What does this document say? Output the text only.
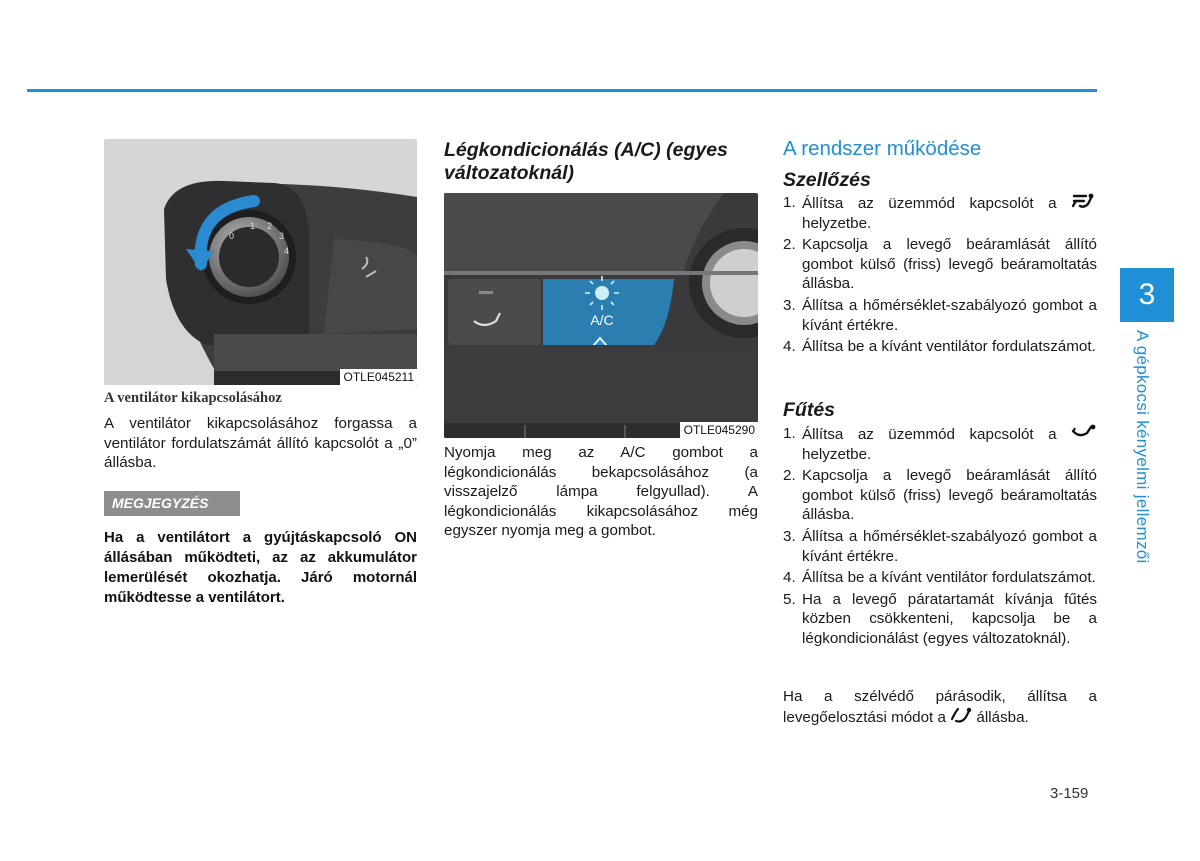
0
1 2
3
4
OTLE045211
A ventilátor kikapcsolásához

A ventilátor kikapcsolásához forgassa a ventilátor fordulatszámát állító kapcsolót a „0” állásba.

MEGJEGYZÉS
Ha a ventilátort a gyújtáskapcsoló ON állásában működteti, az az akkumulátor lemerülését okozhatja. Járó motornál működtesse a ventilátort.
Légkondicionálás (A/C) (egyes változatoknál)
A/C
OTLE045290

Nyomja meg az A/C gombot a légkondicionálás bekapcsolásához (a visszajelző lámpa felgyullad). A légkondicionálás kikapcsolásához még egyszer nyomja meg a gombot.

A rendszer működése
Szellőzés
1. Állítsa az üzemmód kapcsolót a  helyzetbe.
2. Kapcsolja a levegő beáramlását állító gombot külső (friss) levegő beáramoltatás állásba.
3. Állítsa a hőmérséklet-szabályozó gombot a kívánt értékre.
4. Állítsa be a kívánt ventilátor fordulatszámot.
Fűtés
1. Állítsa az üzemmód kapcsolót a  helyzetbe.
2. Kapcsolja a levegő beáramlását állító gombot külső (friss) levegő beáramoltatás állásba.
3. Állítsa a hőmérséklet-szabályozó gombot a kívánt értékre.
4. Állítsa be a kívánt ventilátor fordulatszámot.
5. Ha a levegő páratartamát kívánja fűtés közben csökkenteni, kapcsolja be a légkondicionálást (egyes változatoknál).

Ha a szélvédő párásodik, állítsa a levegőelosztási módot a állásba.

3
A gépkocsi kényelmi jellemzői
3-159
